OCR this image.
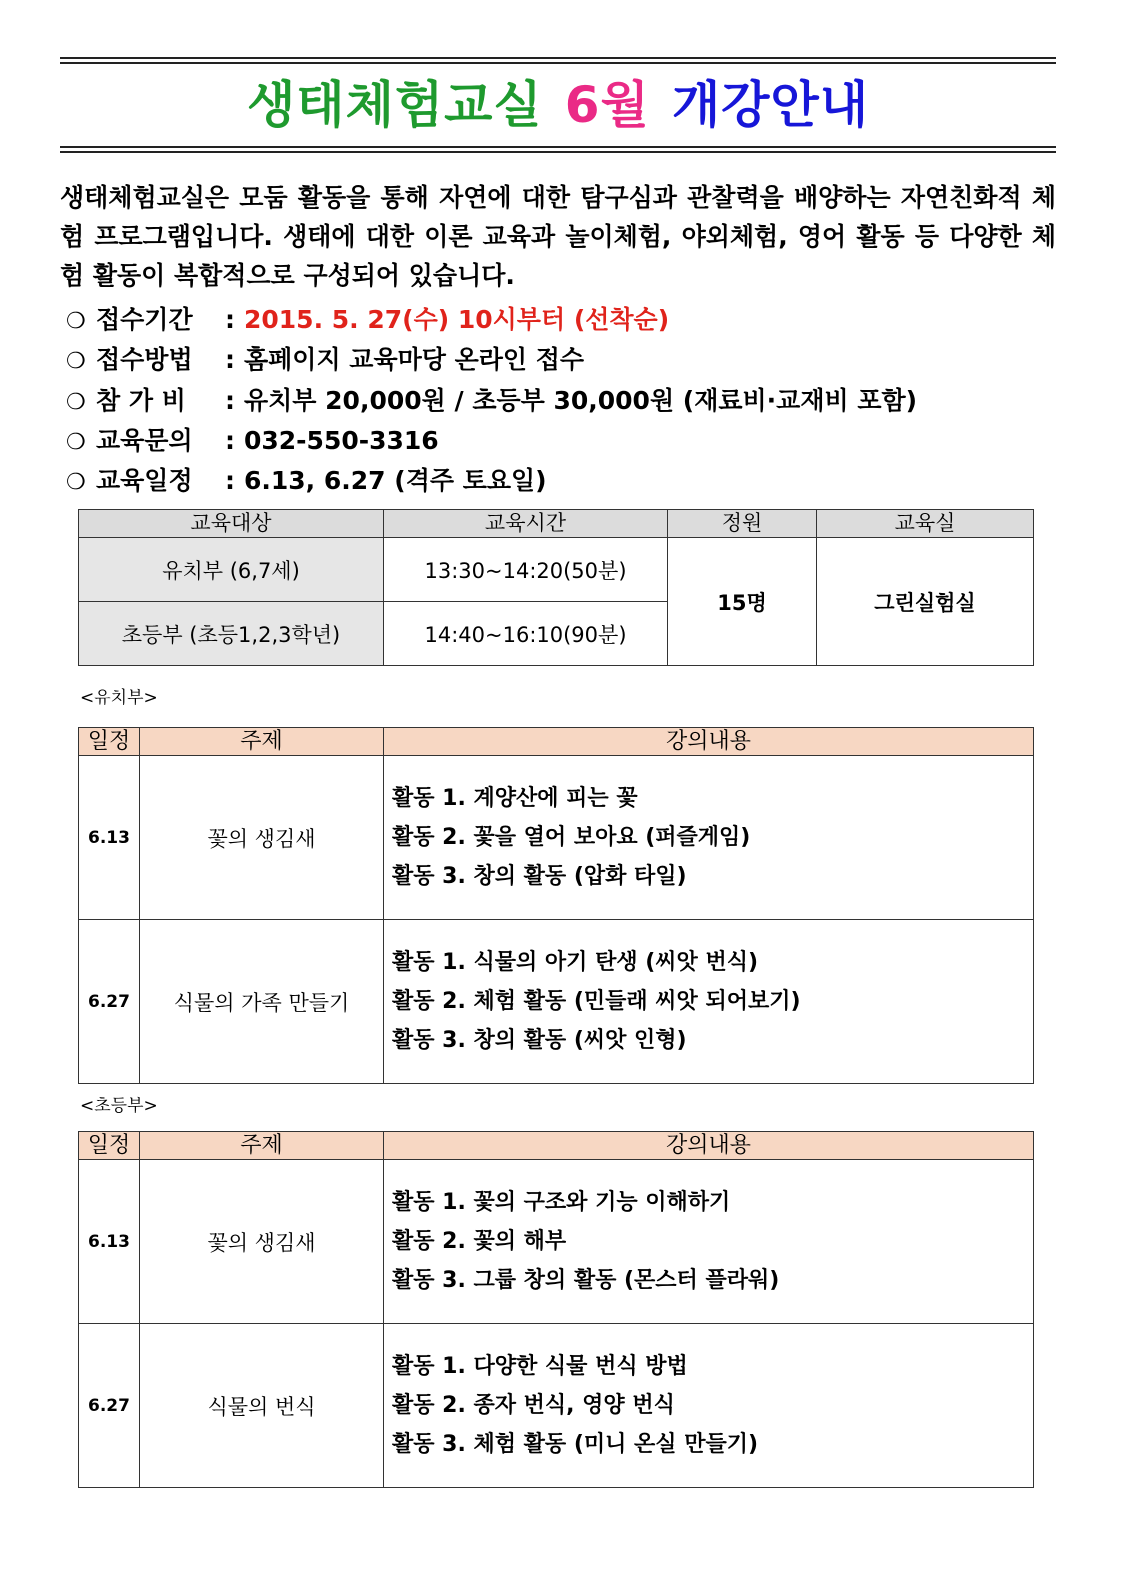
생태체험교실 6월 개강안내
생태체험교실은 모둠 활동을 통해 자연에 대한 탐구심과 관찰력을 배양하는 자연친화적 체험 프로그램입니다. 생태에 대한 이론 교육과 놀이체험, 야외체험, 영어 활동 등 다양한 체험 활동이 복합적으로 구성되어 있습니다.
❍ 접수기간 : 2015. 5. 27(수) 10시부터 (선착순)
❍ 접수방법 : 홈페이지 교육마당 온라인 접수
❍ 참 가 비 : 유치부 20,000원 / 초등부 30,000원 (재료비·교재비 포함)
❍ 교육문의 : 032-550-3316
❍ 교육일정 : 6.13, 6.27 (격주 토요일)
교육대상	교육시간	정원	교육실
유치부 (6,7세)	13:30~14:20(50분)	15명	그린실험실
초등부 (초등1,2,3학년)	14:40~16:10(90분)		
<유치부>
일정	주제	강의내용
6.13	꽃의 생김새	활동 1. 계양산에 피는 꽃
활동 2. 꽃을 열어 보아요 (퍼즐게임)
활동 3. 창의 활동 (압화 타일)

6.27	식물의 가족 만들기	활동 1. 식물의 아기 탄생 (씨앗 번식)
활동 2. 체험 활동 (민들래 씨앗 되어보기)
활동 3. 창의 활동 (씨앗 인형)
<초등부>
일정	주제	강의내용
6.13	꽃의 생김새	활동 1. 꽃의 구조와 기능 이해하기
활동 2. 꽃의 해부
활동 3. 그룹 창의 활동 (몬스터 플라워)

6.27	식물의 번식	활동 1. 다양한 식물 번식 방법
활동 2. 종자 번식, 영양 번식
활동 3. 체험 활동 (미니 온실 만들기)
